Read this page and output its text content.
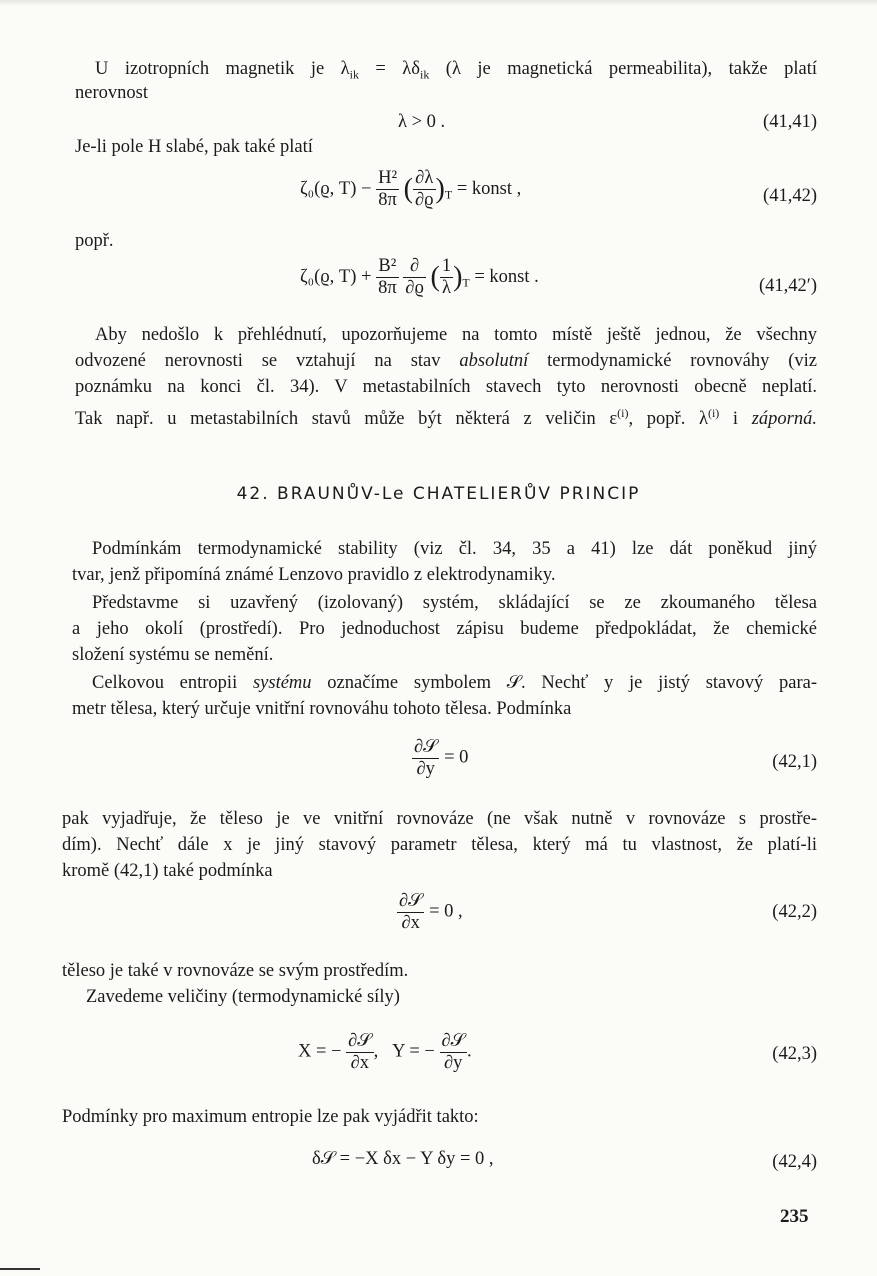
U izotropních magnetik je $\lambda_{ik} = \lambda\delta_{ik}$ (λ je magnetická permeabilita), takže platí

nerovnost

λ > 0 .	(41,41)

Je-li pole H slabé, pak také platí

ζ₀(ϱ, $T) - \frac{\text{H²}}{8\pi}$ ( $\frac{\partial\lambda}{\partial ϱ} )_T$ = konst ,	(41,42)

popř.

ζ₀(ϱ, $T) + \frac{\text{B²}}{8\pi}$
$\frac{\partial}{\partial ϱ}$ ( $\frac{1}{\lambda} )_T$ = konst .	(41,42′)

Aby nedošlo k přehlédnutí, upozorňujeme na tomto místě ještě jednou, že všechny

odvozené nerovnosti se vztahují na stav absolutní termodynamické rovnováhy (viz

poznámku na konci čl. 34). V metastabilních stavech tyto nerovnosti obecně neplatí.

Tak např. u metastabilních stavů může být některá z veličin $\varepsilon^{(i)}$, popř. $\lambda^{(i)}$ i záporná.

42. BRAUNŮV-Le CHATELIERŮV PRINCIP

Podmínkám termodynamické stability (viz čl. 34, 35 a 41) lze dát poněkud jiný

tvar, jenž připomíná známé Lenzovo pravidlo z elektrodynamiky.

Představme si uzavřený (izolovaný) systém, skládající se ze zkoumaného tělesa

a jeho okolí (prostředí). Pro jednoduchost zápisu budeme předpokládat, že chemické

složení systému se nemění.

Celkovou entropii systému označíme symbolem 𝒮. Nechť y je jistý stavový para-

metr tělesa, který určuje vnitřní rovnováhu tohoto tělesa. Podmínka

$\frac{\text{∂𝒮}}{\partial y} = 0$	(42,1)

pak vyjadřuje, že těleso je ve vnitřní rovnováze (ne však nutně v rovnováze s prostře-

dím). Nechť dále x je jiný stavový parametr tělesa, který má tu vlastnost, že platí-li

kromě (42,1) také podmínka

$\frac{\text{∂𝒮}}{\partial x} = 0$ ,	(42,2)

těleso je také v rovnováze se svým prostředím.

Zavedeme veličiny (termodynamické síly)

X = − $\frac{\text{∂𝒮}}{\partial x}$ , Y = − $\frac{\text{∂𝒮}}{\partial y}$ .	(42,3)

Podmínky pro maximum entropie lze pak vyjádřit takto:

δ𝒮 = −X δx − Y δy = 0 ,	(42,4)
235
